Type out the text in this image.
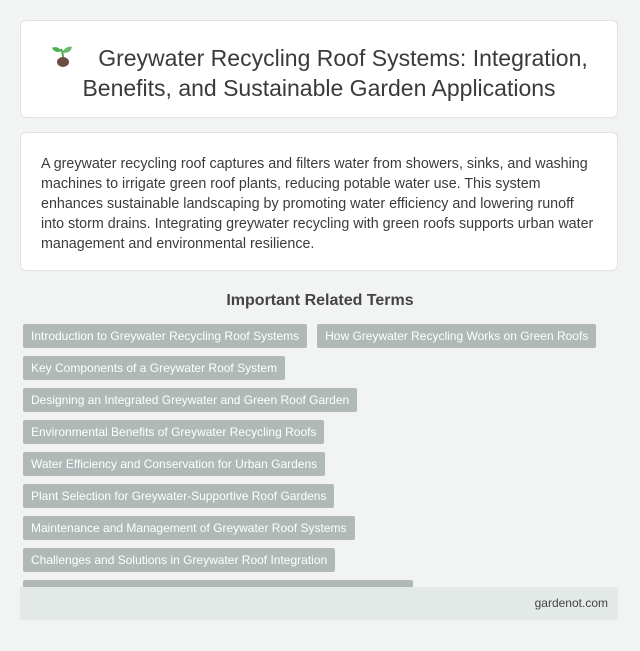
Greywater Recycling Roof Systems: Integration, Benefits, and Sustainable Garden Applications

A greywater recycling roof captures and filters water from showers, sinks, and washing machines to irrigate green roof plants, reducing potable water use. This system enhances sustainable landscaping by promoting water efficiency and lowering runoff into storm drains. Integrating greywater recycling with green roofs supports urban water management and environmental resilience.

Important Related Terms
Introduction to Greywater Recycling Roof Systems	How Greywater Recycling Works on Green Roofs
Key Components of a Greywater Roof System
Designing an Integrated Greywater and Green Roof Garden
Environmental Benefits of Greywater Recycling Roofs
Water Efficiency and Conservation for Urban Gardens
Plant Selection for Greywater-Supportive Roof Gardens
Maintenance and Management of Greywater Roof Systems
Challenges and Solutions in Greywater Roof Integration
gardenot.com
